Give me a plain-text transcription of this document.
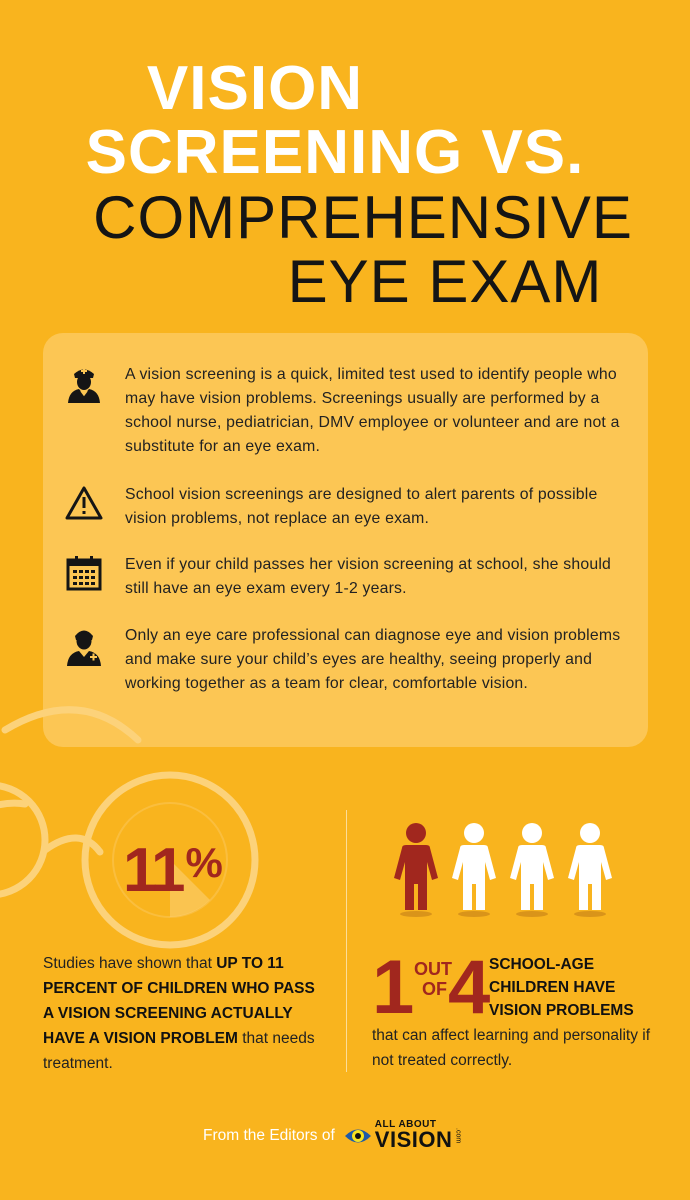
VISION
SCREENING VS.
COMPREHENSIVE
EYE EXAM
A vision screening is a quick, limited test used to identify people who may have vision problems. Screenings usually are performed by a school nurse, pediatrician, DMV employee or volunteer and are not a substitute for an eye exam.
School vision screenings are designed to alert parents of possible vision problems, not replace an eye exam.
Even if your child passes her vision screening at school, she should still have an eye exam every 1-2 years.
Only an eye care professional can diagnose eye and vision problems and make sure your child’s eyes are healthy, seeing properly and working together as a team for clear, comfortable vision.
11%
Studies have shown that UP TO 11 PERCENT OF CHILDREN WHO PASS A VISION SCREENING ACTUALLY HAVE A VISION PROBLEM that needs treatment.
1 OUT
OF 4
SCHOOL-AGE CHILDREN HAVE VISION PROBLEMS
that can affect learning and personality if not treated correctly.
From the Editors of
ALL ABOUT
VISION .com
